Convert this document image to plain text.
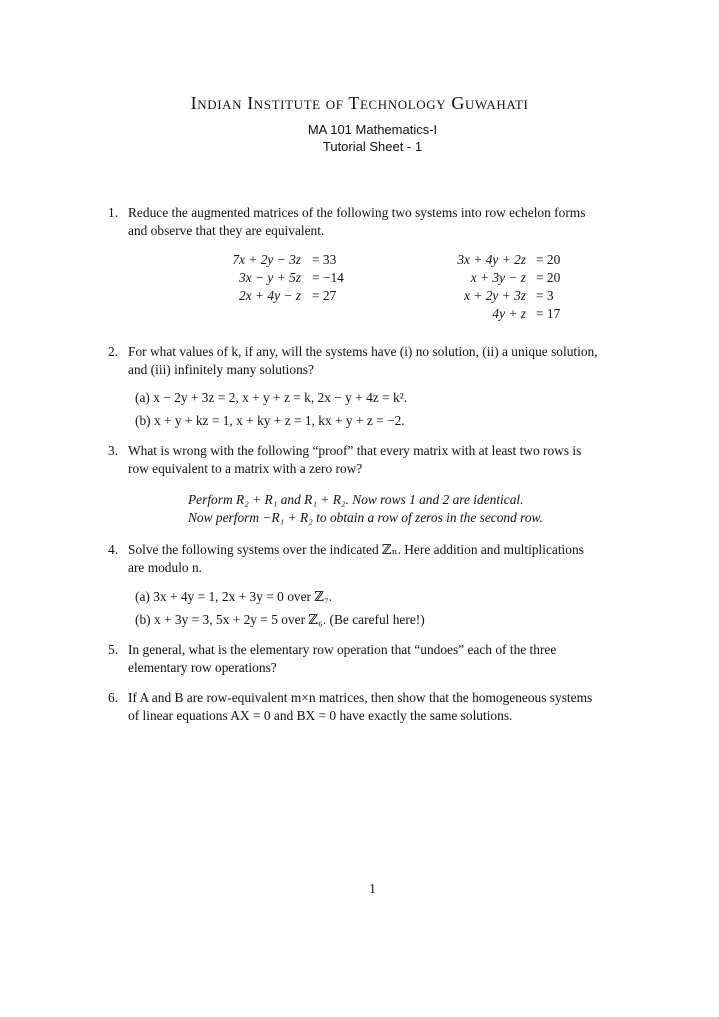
Indian Institute of Technology Guwahati
MA 101 Mathematics-I
Tutorial Sheet - 1
1. Reduce the augmented matrices of the following two systems into row echelon forms
and observe that they are equivalent.
7x + 2y − 3z = 33
3x − y + 5z = −14
2x + 4y − z = 27
3x + 4y + 2z = 20
x + 3y − z = 20
x + 2y + 3z = 3
4y + z = 17
2. For what values of k, if any, will the systems have (i) no solution, (ii) a unique solution,
and (iii) infinitely many solutions?
(a) x − 2y + 3z = 2, x + y + z = k, 2x − y + 4z = k².
(b) x + y + kz = 1, x + ky + z = 1, kx + y + z = −2.
3. What is wrong with the following “proof” that every matrix with at least two rows is
row equivalent to a matrix with a zero row?
Perform R₂ + R₁ and R₁ + R₂. Now rows 1 and 2 are identical.
Now perform −R₁ + R₂ to obtain a row of zeros in the second row.
4. Solve the following systems over the indicated ℤₙ. Here addition and multiplications
are modulo n.
(a) 3x + 4y = 1, 2x + 3y = 0 over ℤ₇.
(b) x + 3y = 3, 5x + 2y = 5 over ℤ₆. (Be careful here!)
5. In general, what is the elementary row operation that “undoes” each of the three
elementary row operations?
6. If A and B are row-equivalent m×n matrices, then show that the homogeneous systems
of linear equations AX = 0 and BX = 0 have exactly the same solutions.
1
